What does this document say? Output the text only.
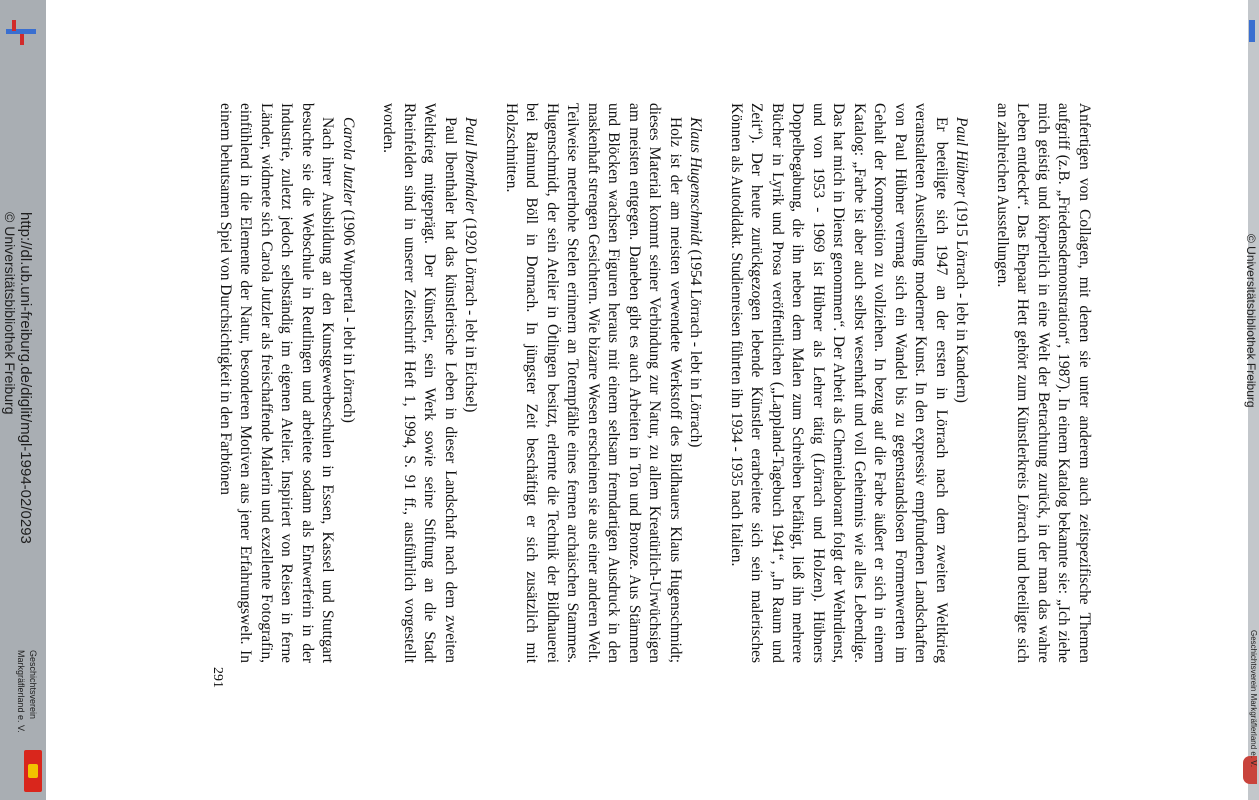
© Universitätsbibliothek Freiburg
Geschichtsverein Markgräflerland e. V.

Anfertigen von Collagen, mit denen sie unter anderem auch zeitspezifische Themen aufgriff (z.B. „Friedensdemonstration“, 1987). In einem Katalog bekannte sie: „Ich ziehe mich geistig und körperlich in eine Welt der Betrachtung zurück, in der man das wahre Leben entdeckt“. Das Ehepaar Hett gehört zum Künstlerkreis Lörrach und beteiligte sich an zahlreichen Ausstellungen.

Paul Hübner (1915 Lörrach - lebt in Kandern)

Er beteiligte sich 1947 an der ersten in Lörrach nach dem zweiten Weltkrieg veranstalteten Ausstellung moderner Kunst. In den expressiv empfundenen Landschaften von Paul Hübner vermag sich ein Wandel bis zu gegenstandslosen Formenwerten im Gehalt der Komposition zu vollziehen. In bezug auf die Farbe äußert er sich in einem Katalog: „Farbe ist aber auch selbst wesenhaft und voll Geheimnis wie alles Lebendige. Das hat mich in Dienst genommen“. Der Arbeit als Chemielaborant folgt der Wehrdienst, und von 1953 - 1969 ist Hübner als Lehrer tätig (Lörrach und Holzen). Hübners Doppelbegabung, die ihn neben dem Malen zum Schreiben befähigt, ließ ihn mehrere Bücher in Lyrik und Prosa veröffentlichen („Lappland-Tagebuch 1941“, „In Raum und Zeit“). Der heute zurückgezogen lebende Künstler erarbeitete sich sein malerisches Können als Autodidakt. Studienreisen führten ihn 1934 - 1935 nach Italien.

Klaus Hugenschmidt (1954 Lörrach - lebt in Lörrach)

Holz ist der am meisten verwendete Werkstoff des Bildhauers Klaus Hugenschmidt; dieses Material kommt seiner Verbindung zur Natur, zu allem Kreatürlich-Urwüchsigen am meisten entgegen. Daneben gibt es auch Arbeiten in Ton und Bronze. Aus Stämmen und Blöcken wachsen Figuren heraus mit einem seltsam fremdartigen Ausdruck in den maskenhaft strengen Gesichtern. Wie bizarre Wesen erscheinen sie aus einer anderen Welt. Teilweise meterhohe Stelen erinnern an Totempfähle eines fernen archaischen Stammes. Hugenschmidt, der sein Atelier in Ötlingen besitzt, erlernte die Technik der Bildhauerei bei Raimund Böll in Dornach. In jüngster Zeit beschäftigt er sich zusätzlich mit Holzschnitten.

Paul Ibenthaler (1920 Lörrach - lebt in Eichsel)

Paul Ibenthaler hat das künstlerische Leben in dieser Landschaft nach dem zweiten Weltkrieg mitgeprägt. Der Künstler, sein Werk sowie seine Stiftung an die Stadt Rheinfelden sind in unserer Zeitschrift Heft 1, 1994, S. 91 ff., ausführlich vorgestellt worden.

Carola Jutzler (1906 Wuppertal - lebt in Lörrach)

Nach ihrer Ausbildung an den Kunstgewerbeschulen in Essen, Kassel und Stuttgart besuchte sie die Webschule in Reutlingen und arbeitete sodann als Entwerferin in der Industrie, zuletzt jedoch selbständig im eigenen Atelier. Inspiriert von Reisen in ferne Länder, widmete sich Carola Jutzler als freischaffende Malerin und exzellente Fotografin, einfühlend in die Elemente der Natur, besonderen Motiven aus jener Erfahrungswelt. In einem behutsamen Spiel von Durchsichtigkeit in den Farbtönen

291
http://dl.ub.uni-freiburg.de/diglit/mgl-1994-02/0293
© Universitätsbibliothek Freiburg
Geschichtsverein
Markgräflerland e. V.
